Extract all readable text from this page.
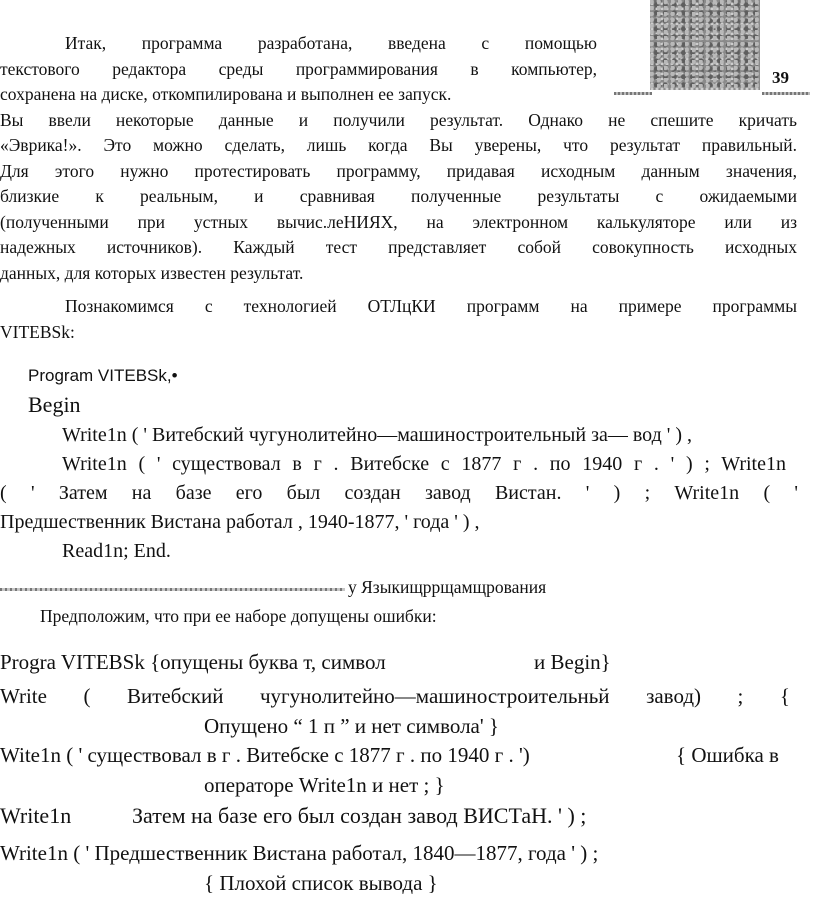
39
Итак, программа разработана, введена с помощью
текстового редактора среды программирования в компьютер,
сохранена на диске, откомпилирована и выполнен ее запуск.
Вы ввели некоторые данные и получили результат. Однако не спешите кричать
«Эврика!». Это можно сделать, лишь когда Вы уверены, что результат правильный.
Для этого нужно протестировать программу, придавая исходным данным значения,
близкие к реальным, и сравнивая полученные результаты с ожидаемыми
(полученными при устных вычис.леНИЯХ, на электронном калькуляторе или из
надежных источников). Каждый тест представляет собой совокупность исходных
данных, для которых известен результат.
Познакомимся с технологией ОТЛцКИ программ на примере программы
VITEBSk:
Program VITEBSk,•
Begin
Write1n ( ' Витебский чугунолитейно—машиностроительный за— вод ' ) ,
Write1n ( ' существовал в г . Витебске с 1877 г . по 1940 г . ' ) ; Write1n
( ' Затем на базе его был создан завод Вистан. ' ) ; Write1n ( '
Предшественник Вистана работал , 1940-1877, ' года ' ) ,
Read1n; End.
у Языкищррщамщрования
Предположим, что при ее наборе допущены ошибки:
Progra VITEBSk {опущены буква т, символ	и Begin}
Write ( Витебский чугунолитейно—машиностроительньй завод) ; {
Опущено “ 1 п ” и нет символа' }
Wite1n ( ' существовал в г . Витебске с 1877 г . по 1940 г . ')	{ Ошибка в
операторе Write1n и нет ; }
Write1n	Затем на базе его был создан завод ВИСТаН. ' ) ;
Write1n ( ' Предшественник Вистана работал, 1840—1877, года ' ) ;
{ Плохой список вывода }
